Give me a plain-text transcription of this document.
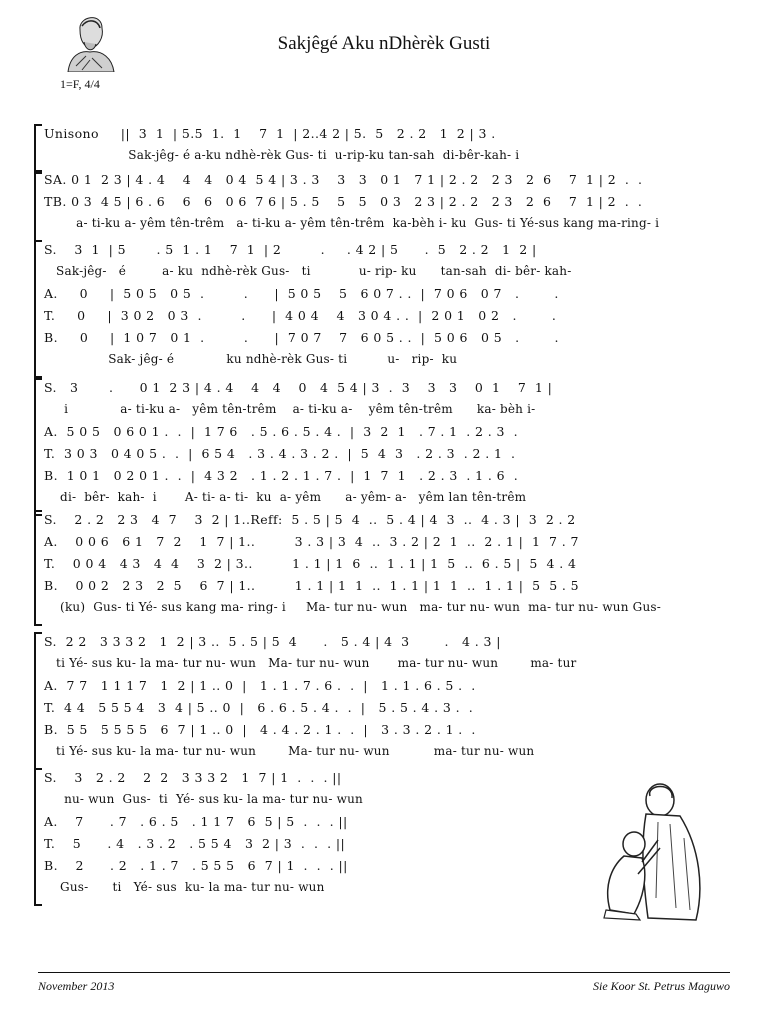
Sakjêgé Aku nDhèrèk Gusti
1=F, 4/4
Unisono     ||  3  1  | 5.5  1.  1    7  1  | 2..4 2 | 5.  5   2 . 2   1  2 | 3 .
Sak-jêg- é a-ku ndhè-rèk Gus- ti  u-rip-ku tan-sah  di-bêr-kah- i
SA. 0 1  2 3 | 4 . 4    4   4   0 4  5 4 | 3 . 3    3   3   0 1   7 1 | 2 . 2   2 3   2  6    7  1 | 2  .  .
TB. 0 3  4 5 | 6 . 6    6   6   0 6  7 6 | 5 . 5    5   5   0 3   2 3 | 2 . 2   2 3   2  6    7  1 | 2  .  .
a- ti-ku a- yêm tên-trêm   a- ti-ku a- yêm tên-trêm  ka-bèh i- ku  Gus- ti Yé-sus kang ma-ring- i
S.    3  1  | 5       . 5  1 . 1    7  1  | 2         .     . 4 2 | 5      .  5   2 . 2   1  2 |
Sak-jêg-   é         a- ku  ndhè-rèk Gus-   ti            u- rip- ku      tan-sah  di- bêr- kah-
A.     0     |  5 0 5   0 5  .         .      |  5 0 5    5   6 0 7 . .  |  7 0 6   0 7   .        .
T.     0     |  3 0 2   0 3  .         .      |  4 0 4    4   3 0 4 . .  |  2 0 1   0 2   .        .
B.     0     |  1 0 7   0 1  .         .      |  7 0 7    7   6 0 5 . .  |  5 0 6   0 5   .        .
Sak- jêg- é             ku ndhè-rèk Gus- ti          u-   rip-  ku
S.   3       .      0 1  2 3 | 4 . 4    4   4    0   4  5 4 | 3  .  3    3   3    0  1    7  1 |
i             a- ti-ku a-   yêm tên-trêm    a- ti-ku a-    yêm tên-trêm      ka- bèh i-
A.  5 0 5   0 6 0 1 .  .  |  1 7 6   . 5 . 6 . 5 . 4 .  |  3  2  1   . 7 . 1  . 2 . 3  .
T.  3 0 3   0 4 0 5 .  .  |  6 5 4   . 3 . 4 . 3 . 2 .  |  5  4  3   . 2 . 3  . 2 . 1  .
B.  1 0 1   0 2 0 1 .  .  |  4 3 2   . 1 . 2 . 1 . 7 .  |  1  7  1   . 2 . 3  . 1 . 6  .
di-  bêr-  kah-  i       A- ti- a- ti-  ku  a- yêm      a- yêm- a-   yêm lan tên-trêm
S.    2 . 2   2 3   4  7    3  2 | 1..Reff:  5 . 5 | 5  4  ..  5 . 4 | 4  3  ..  4 . 3 |  3  2 . 2
A.    0 0 6   6 1   7  2    1  7 | 1..         3 . 3 | 3  4  ..  3 . 2 | 2  1  ..  2 . 1 |  1  7 . 7
T.    0 0 4   4 3   4  4    3  2 | 3..         1 . 1 | 1  6  ..  1 . 1 | 1  5  ..  6 . 5 |  5  4 . 4
B.    0 0 2   2 3   2  5    6  7 | 1..         1 . 1 | 1  1  ..  1 . 1 | 1  1  ..  1 . 1 |  5  5 . 5
(ku)  Gus- ti Yé- sus kang ma- ring- i     Ma- tur nu- wun   ma- tur nu- wun  ma- tur nu- wun Gus-
S.  2 2   3 3 3 2   1  2 | 3 ..  5 . 5 | 5  4      .   5 . 4 | 4  3        .   4 . 3 |
ti Yé- sus ku- la ma- tur nu- wun   Ma- tur nu- wun       ma- tur nu- wun        ma- tur
A.  7 7   1 1 1 7   1  2 | 1 .. 0  |   1 . 1 . 7 . 6 .  .  |   1 . 1 . 6 . 5 .  .
T.  4 4   5 5 5 4   3  4 | 5 .. 0  |   6 . 6 . 5 . 4 .  .  |   5 . 5 . 4 . 3 .  .
B.  5 5   5 5 5 5   6  7 | 1 .. 0  |   4 . 4 . 2 . 1 .  .  |   3 . 3 . 2 . 1 .  .
ti Yé- sus ku- la ma- tur nu- wun        Ma- tur nu- wun           ma- tur nu- wun
S.    3   2 . 2    2  2   3 3 3 2   1  7 | 1  .  .  . ||
nu- wun  Gus-  ti  Yé- sus ku- la ma- tur nu- wun
A.    7      . 7   . 6 . 5   . 1 1 7   6  5 | 5  .  .  . ||
T.    5      . 4   . 3 . 2   . 5 5 4   3  2 | 3  .  .  . ||
B.    2      . 2   . 1 . 7   . 5 5 5   6  7 | 1  .  .  . ||
Gus-      ti   Yé- sus  ku- la ma- tur nu- wun
November 2013	Sie Koor St. Petrus Maguwo
